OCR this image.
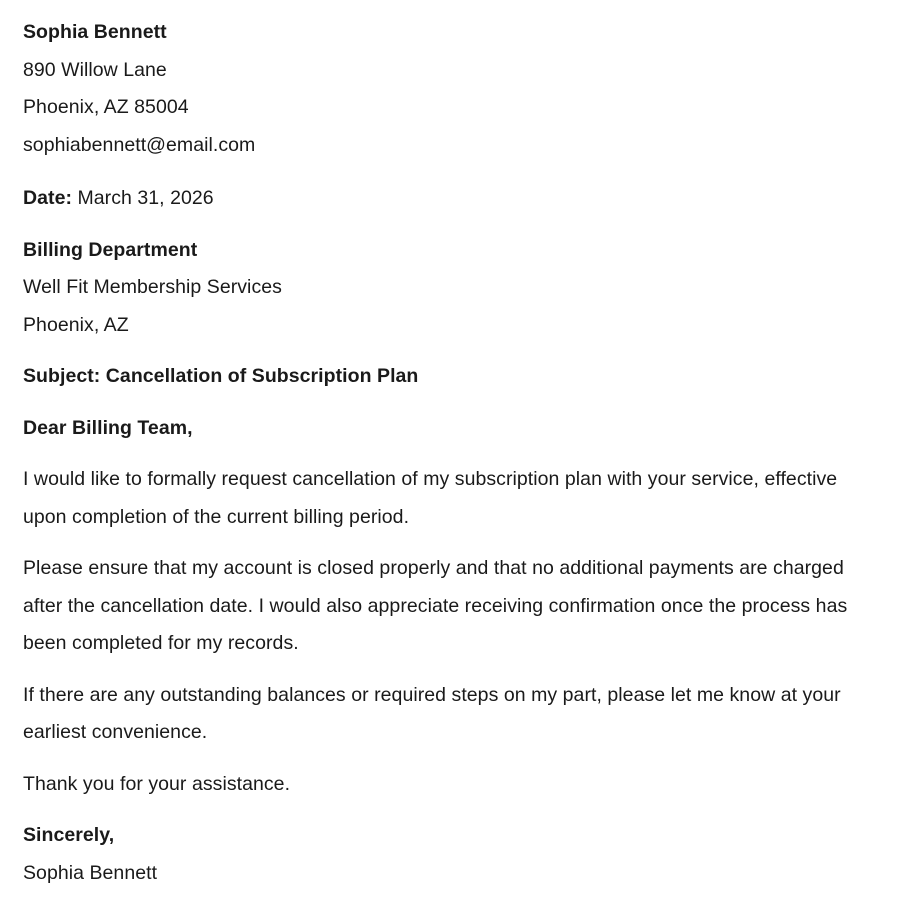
Sophia Bennett
890 Willow Lane
Phoenix, AZ 85004
sophiabennett@email.com
Date: March 31, 2026
Billing Department
Well Fit Membership Services
Phoenix, AZ
Subject: Cancellation of Subscription Plan
Dear Billing Team,

I would like to formally request cancellation of my subscription plan with your service, effective upon completion of the current billing period.

Please ensure that my account is closed properly and that no additional payments are charged after the cancellation date. I would also appreciate receiving confirmation once the process has been completed for my records.

If there are any outstanding balances or required steps on my part, please let me know at your earliest convenience.

Thank you for your assistance.

Sincerely,
Sophia Bennett
